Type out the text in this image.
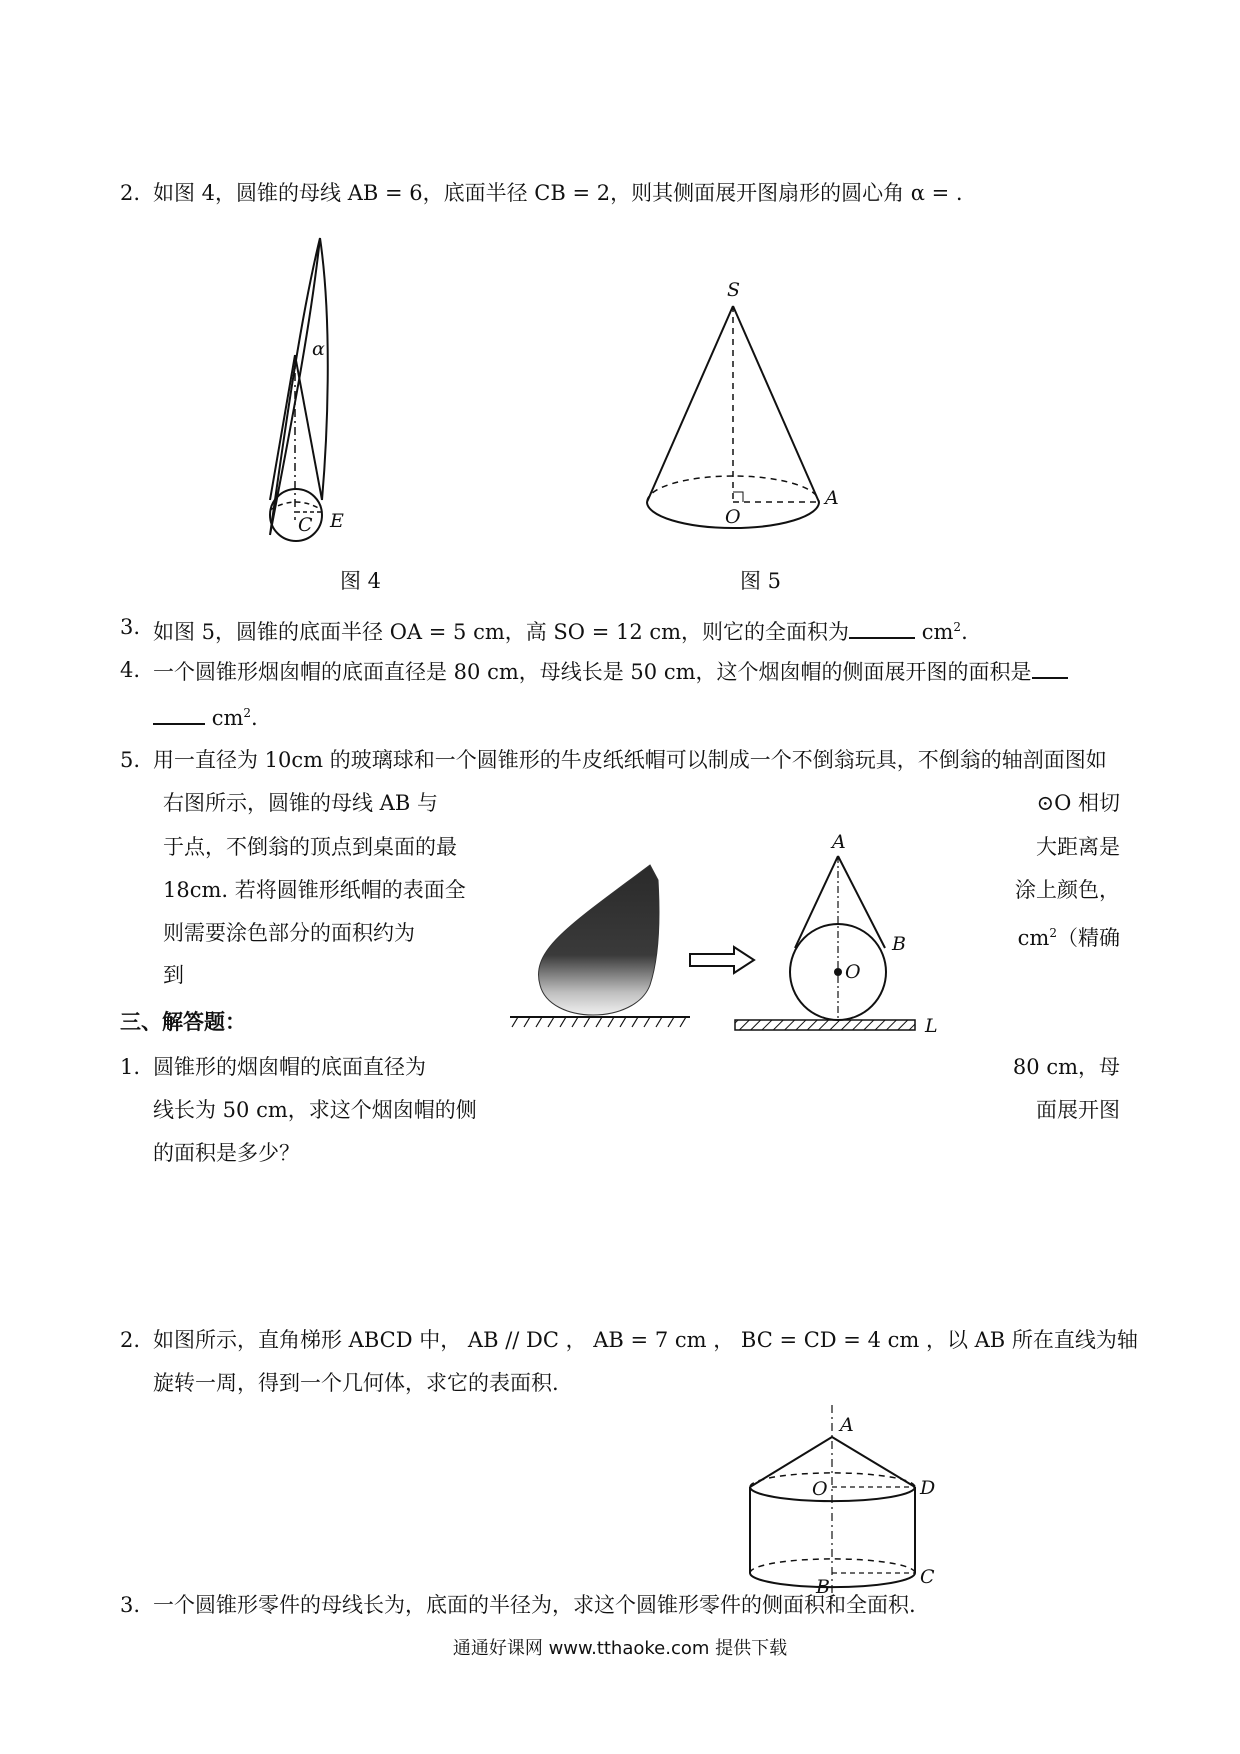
2. 如图 4，圆锥的母线 AB = 6，底面半径 CB = 2，则其侧面展开图扇形的圆心角 α = .
α
C E
图 4
S
O
A
图 5
3. 如图 5，圆锥的底面半径 OA = 5 cm，高 SO = 12 cm，则它的全面积为	$cm^2$.
4. 一个圆锥形烟囱帽的底面直径是 80 cm，母线长是 50 cm，这个烟囱帽的侧面展开图的面积是
$cm^2$.
5. 用一直径为 10cm 的玻璃球和一个圆锥形的牛皮纸纸帽可以制成一个不倒翁玩具，不倒翁的轴剖面图如
右图所示，圆锥的母线 AB 与	⊙O 相切
于点，不倒翁的顶点到桌面的最	大距离是
18cm. 若将圆锥形纸帽的表面全	涂上颜色，
则需要涂色部分的面积约为	$cm^2$（精确
到
A
B
O
L
三、解答题：
1. 圆锥形的烟囱帽的底面直径为	80 cm，母
线长为 50 cm，求这个烟囱帽的侧	面展开图
的面积是多少？
2. 如图所示，直角梯形 ABCD 中， AB // DC ， AB = 7 cm ， BC = CD = 4 cm ，以 AB 所在直线为轴
旋转一周，得到一个几何体，求它的表面积.
A
O	D
B	C
3. 一个圆锥形零件的母线长为，底面的半径为，求这个圆锥形零件的侧面积和全面积.
通通好课网 www.tthaoke.com 提供下载
